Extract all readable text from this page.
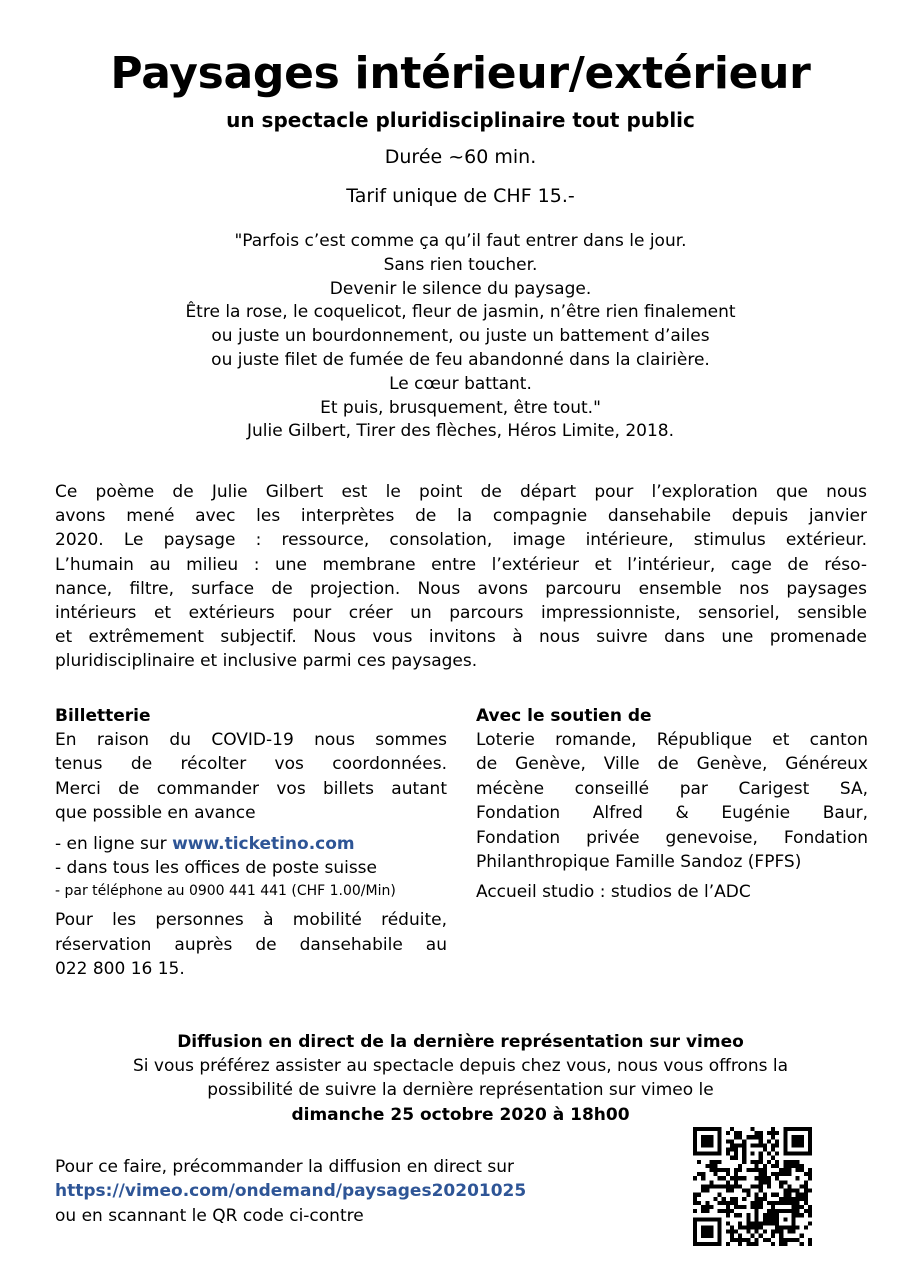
Paysages intérieur/extérieur
un spectacle pluridisciplinaire tout public
Durée ~60 min.
Tarif unique de CHF 15.-
"Parfois c’est comme ça qu’il faut entrer dans le jour.
Sans rien toucher.
Devenir le silence du paysage.
Être la rose, le coquelicot, fleur de jasmin, n’être rien finalement
ou juste un bourdonnement, ou juste un battement d’ailes
ou juste filet de fumée de feu abandonné dans la clairière.
Le cœur battant.
Et puis, brusquement, être tout."
Julie Gilbert, Tirer des flèches, Héros Limite, 2018.
Ce poème de Julie Gilbert est le point de départ pour l’exploration que nous
avons mené avec les interprètes de la compagnie dansehabile depuis janvier
2020. Le paysage : ressource, consolation, image intérieure, stimulus extérieur.
L’humain au milieu : une membrane entre l’extérieur et l’intérieur, cage de réso-
nance, filtre, surface de projection. Nous avons parcouru ensemble nos paysages
intérieurs et extérieurs pour créer un parcours impressionniste, sensoriel, sensible
et extrêmement subjectif. Nous vous invitons à nous suivre dans une promenade
pluridisciplinaire et inclusive parmi ces paysages.
Billetterie
En raison du COVID-19 nous sommes
tenus de récolter vos coordonnées.
Merci de commander vos billets autant
que possible en avance
- en ligne sur www.ticketino.com
- dans tous les offices de poste suisse
- par téléphone au 0900 441 441 (CHF 1.00/Min)
Pour les personnes à mobilité réduite,
réservation auprès de dansehabile au
022 800 16 15.
Avec le soutien de
Loterie romande, République et canton
de Genève, Ville de Genève, Généreux
mécène conseillé par Carigest SA,
Fondation Alfred & Eugénie Baur,
Fondation privée genevoise, Fondation
Philanthropique Famille Sandoz (FPFS)
Accueil studio : studios de l’ADC
Diffusion en direct de la dernière représentation sur vimeo
Si vous préférez assister au spectacle depuis chez vous, nous vous offrons la
possibilité de suivre la dernière représentation sur vimeo le
dimanche 25 octobre 2020 à 18h00
Pour ce faire, précommander la diffusion en direct sur
https://vimeo.com/ondemand/paysages20201025
ou en scannant le QR code ci-contre
